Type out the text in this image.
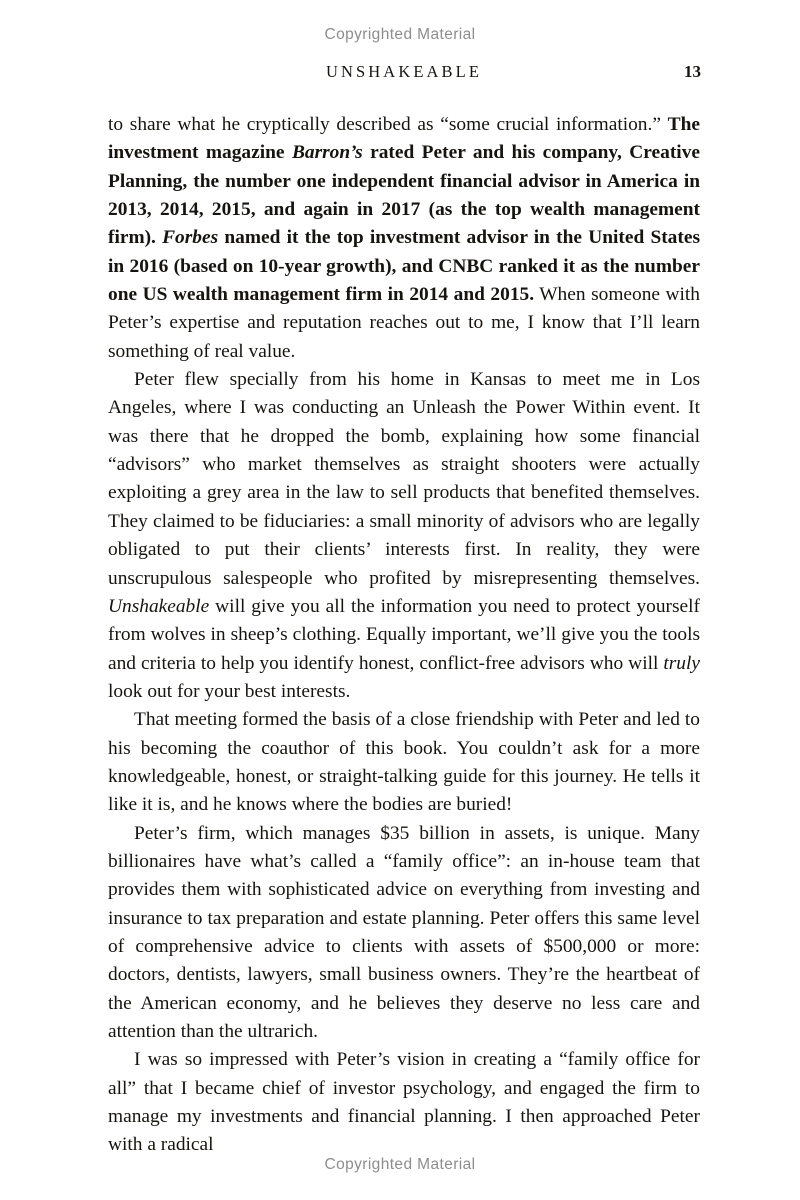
Copyrighted Material
UNSHAKEABLE	13

to share what he cryptically described as “some crucial information.” The investment magazine Barron’s rated Peter and his company, Creative Planning, the number one independent financial advisor in America in 2013, 2014, 2015, and again in 2017 (as the top wealth management firm). Forbes named it the top investment advisor in the United States in 2016 (based on 10-year growth), and CNBC ranked it as the number one US wealth management firm in 2014 and 2015. When someone with Peter’s expertise and reputation reaches out to me, I know that I’ll learn something of real value.

Peter flew specially from his home in Kansas to meet me in Los Angeles, where I was conducting an Unleash the Power Within event. It was there that he dropped the bomb, explaining how some financial “advisors” who market themselves as straight shooters were actually exploiting a grey area in the law to sell products that benefited themselves. They claimed to be fiduciaries: a small minority of advisors who are legally obligated to put their clients’ interests first. In reality, they were unscrupulous salespeople who profited by misrepresenting themselves. Unshakeable will give you all the information you need to protect yourself from wolves in sheep’s clothing. Equally important, we’ll give you the tools and criteria to help you identify honest, conflict-free advisors who will truly look out for your best interests.

That meeting formed the basis of a close friendship with Peter and led to his becoming the coauthor of this book. You couldn’t ask for a more knowledgeable, honest, or straight-talking guide for this journey. He tells it like it is, and he knows where the bodies are buried!

Peter’s firm, which manages $35 billion in assets, is unique. Many billionaires have what’s called a “family office”: an in-house team that provides them with sophisticated advice on everything from investing and insurance to tax preparation and estate planning. Peter offers this same level of comprehensive advice to clients with assets of $500,000 or more: doctors, dentists, lawyers, small business owners. They’re the heartbeat of the American economy, and he believes they deserve no less care and attention than the ultrarich.

I was so impressed with Peter’s vision in creating a “family office for all” that I became chief of investor psychology, and engaged the firm to manage my investments and financial planning. I then approached Peter with a radical

Copyrighted Material
